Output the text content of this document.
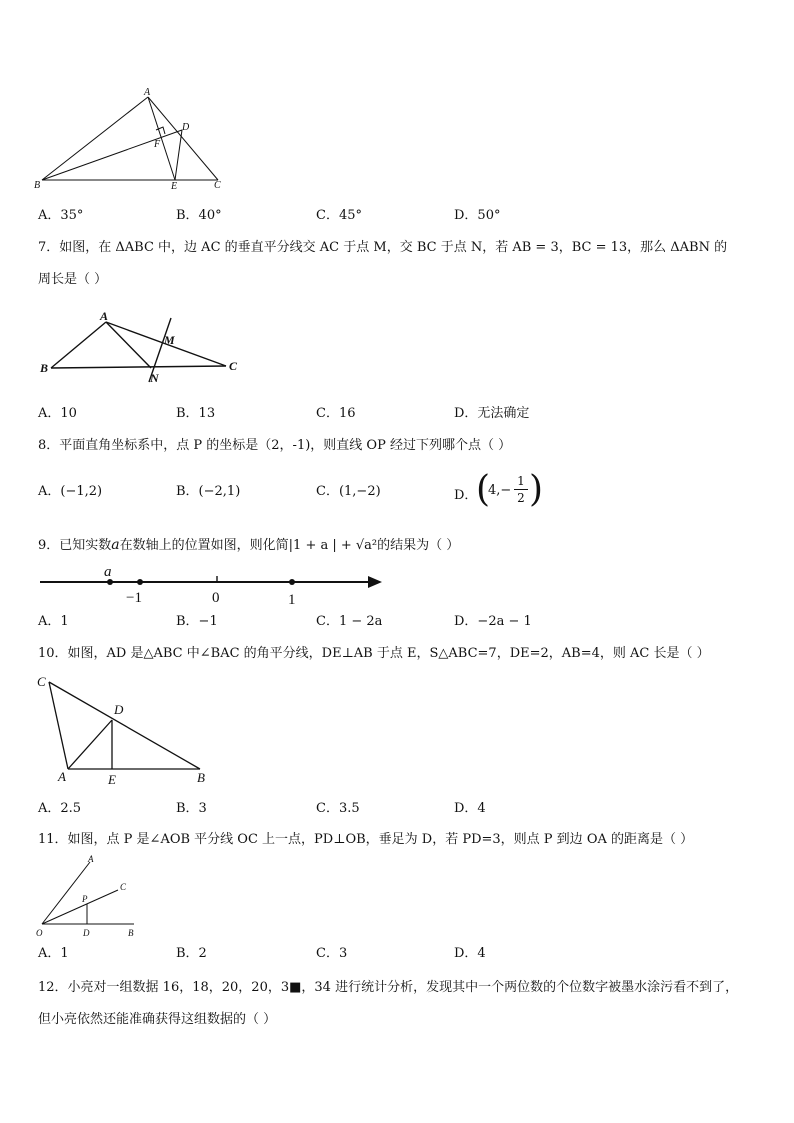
A
B	C
D
E
F
A．35°	B．40°	C．45°	D．50°
7．如图，在 ΔABC 中，边 AC 的垂直平分线交 AC 于点 M，交 BC 于点 N，若 AB = 3，BC = 13，那么 ΔABN 的
周长是（ ）
A
B	C
M
N
A．10	B．13	C．16	D．无法确定
8．平面直角坐标系中，点 P 的坐标是（2，-1)，则直线 OP 经过下列哪个点（ ）
A．(−1,2)	B．(−2,1)	C．(1,−2)	D．
(
$4,- \frac{1}{2}$ )
9．已知实数a在数轴上的位置如图，则化简|1 + a | + √a²的结果为（ ）
a
−1	0	1
A．1	B．−1	C．1 − 2a	D．−2a − 1
10．如图，AD 是△ABC 中∠BAC 的角平分线，DE⊥AB 于点 E，S△ABC=7，DE=2，AB=4，则 AC 长是（ ）
C
D
A	E	B
A．2.5	B．3	C．3.5	D．4
11．如图，点 P 是∠AOB 平分线 OC 上一点，PD⊥OB，垂足为 D，若 PD=3，则点 P 到边 OA 的距离是（ ）
A
C
P
O	D	B
A．1	B．2	C．3	D．4
12．小亮对一组数据 16，18，20，20，3■，34 进行统计分析，发现其中一个两位数的个位数字被墨水涂污看不到了，
但小亮依然还能准确获得这组数据的（ ）
